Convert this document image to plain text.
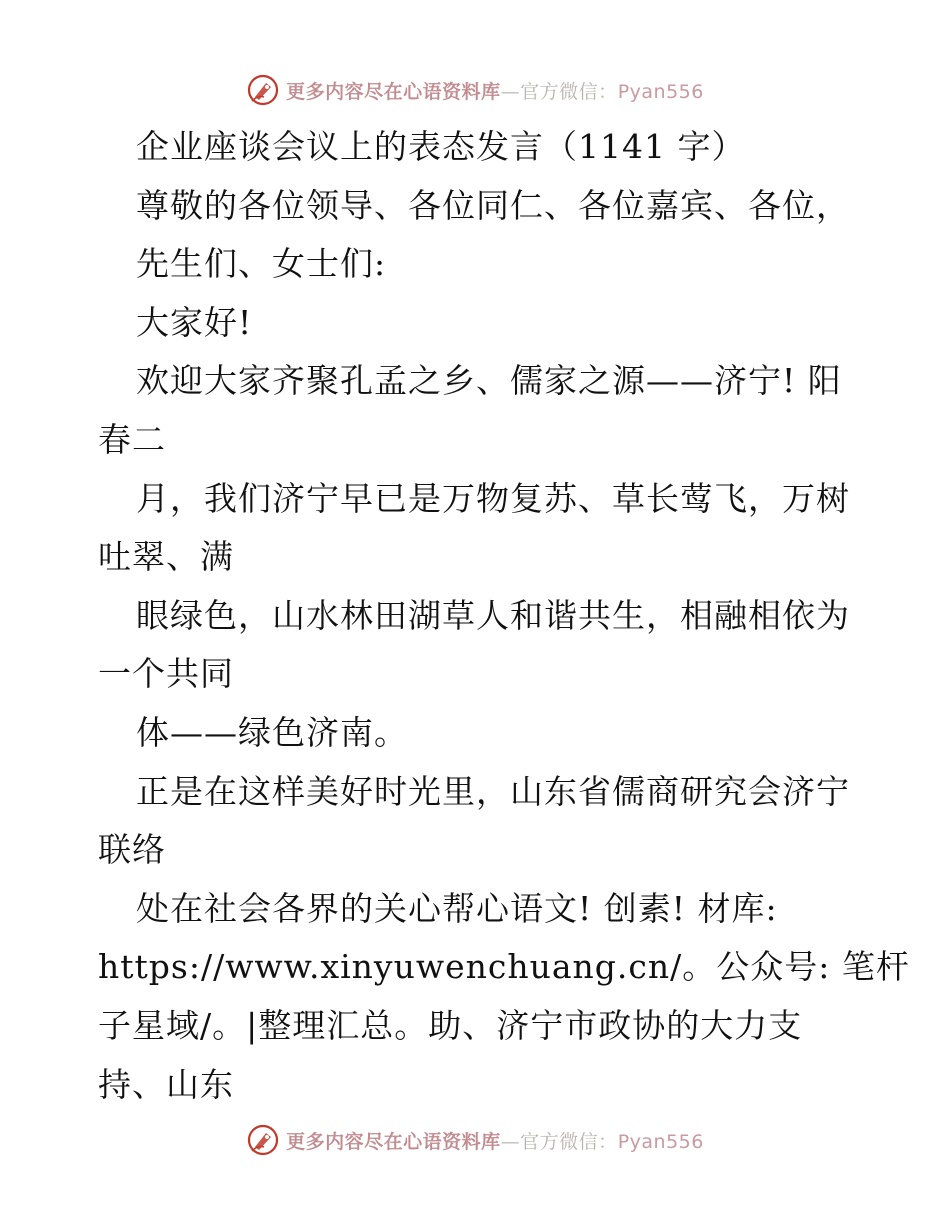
更多内容尽在心语资料库—官方微信：Pyan556
企业座谈会议上的表态发言（1141 字）
尊敬的各位领导、各位同仁、各位嘉宾、各位，
先生们、女士们:
大家好!
欢迎大家齐聚孔孟之乡、儒家之源——济宁! 阳
春二
月，我们济宁早已是万物复苏、草长莺飞，万树
吐翠、满
眼绿色，山水林田湖草人和谐共生，相融相依为
一个共同
体——绿色济南。
正是在这样美好时光里，山东省儒商研究会济宁
联络
处在社会各界的关心帮心语文! 创素! 材库:
https://www.xinyuwenchuang.cn/。公众号: 笔杆
子星域/。|整理汇总。助、济宁市政协的大力支
持、山东
更多内容尽在心语资料库—官方微信：Pyan556
